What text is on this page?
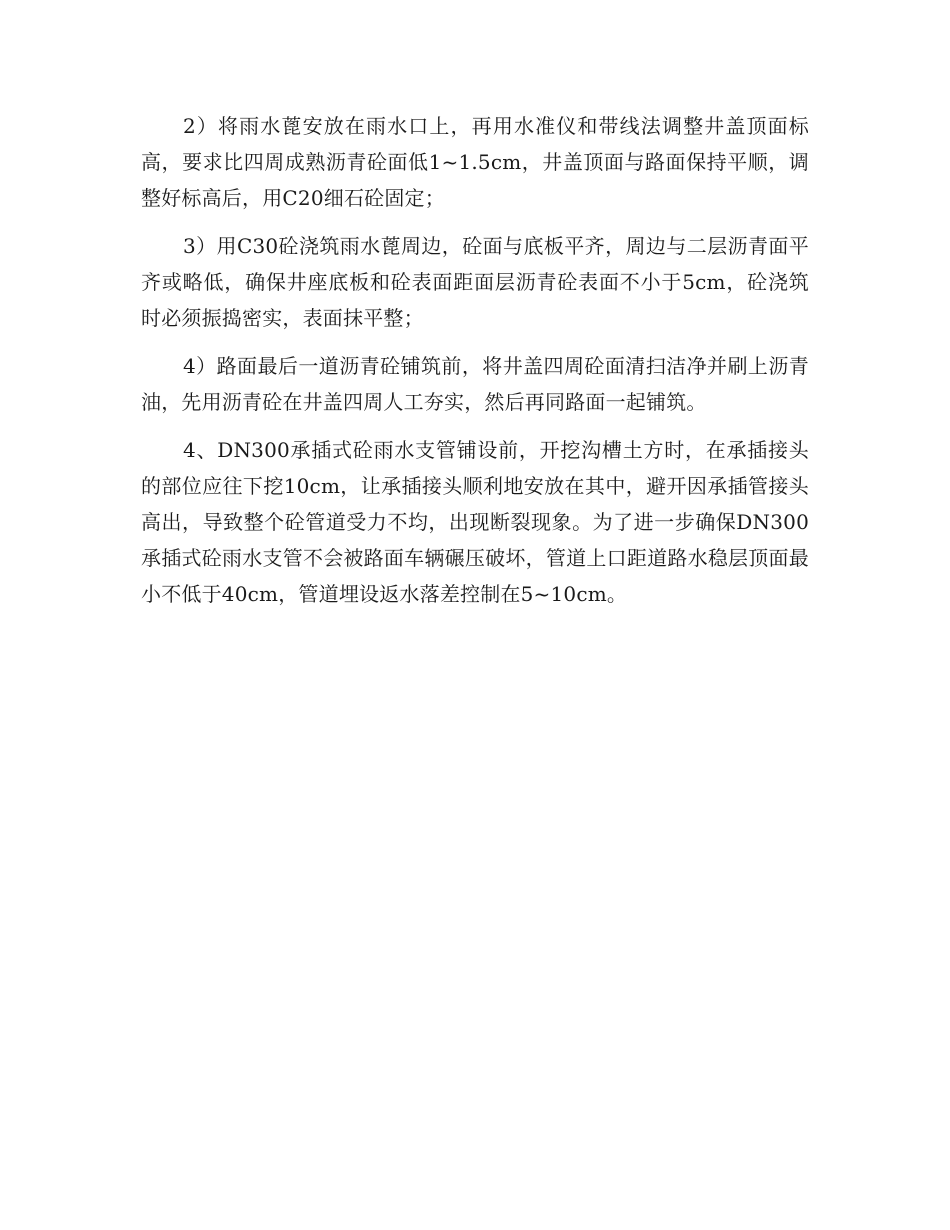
2）将雨水蓖安放在雨水口上，再用水准仪和带线法调整井盖顶面标高，要求比四周成熟沥青砼面低1~1.5cm，井盖顶面与路面保持平顺，调整好标高后，用C20细石砼固定；

3）用C30砼浇筑雨水蓖周边，砼面与底板平齐，周边与二层沥青面平齐或略低，确保井座底板和砼表面距面层沥青砼表面不小于5cm，砼浇筑时必须振捣密实，表面抹平整；

4）路面最后一道沥青砼铺筑前，将井盖四周砼面清扫洁净并刷上沥青油，先用沥青砼在井盖四周人工夯实，然后再同路面一起铺筑。

4、DN300承插式砼雨水支管铺设前，开挖沟槽土方时，在承插接头的部位应往下挖10cm，让承插接头顺利地安放在其中，避开因承插管接头高出，导致整个砼管道受力不均，出现断裂现象。为了进一步确保DN300承插式砼雨水支管不会被路面车辆碾压破坏，管道上口距道路水稳层顶面最小不低于40cm，管道埋设返水落差控制在5~10cm。
